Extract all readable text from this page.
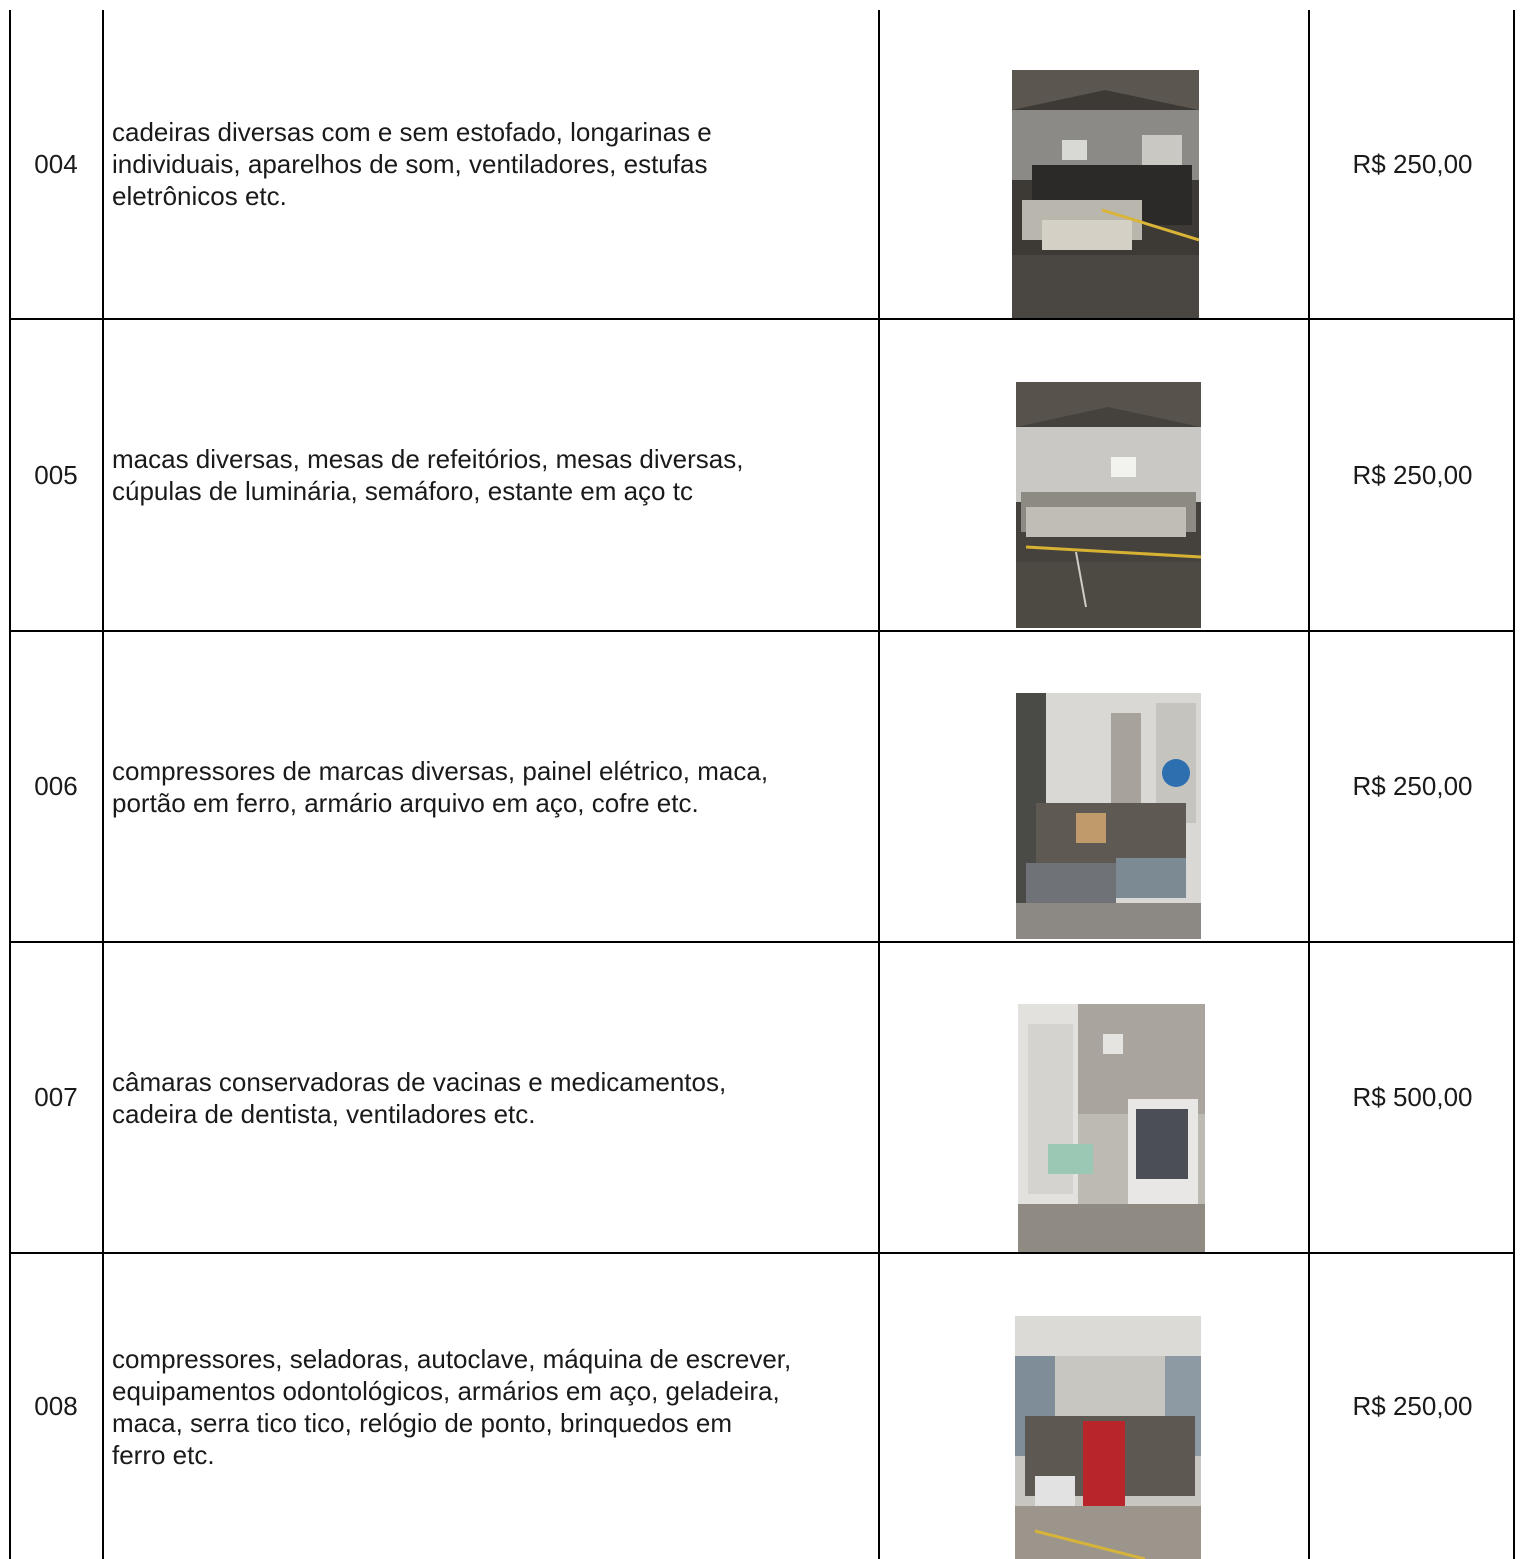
004
cadeiras diversas com e sem estofado, longarinas e
individuais, aparelhos de som, ventiladores, estufas
eletrônicos etc.
R$ 250,00
005
macas diversas, mesas de refeitórios, mesas diversas,
cúpulas de luminária, semáforo, estante em aço tc
R$ 250,00
006
compressores de marcas diversas, painel elétrico, maca,
portão em ferro, armário arquivo em aço, cofre etc.
R$ 250,00
007
câmaras conservadoras de vacinas e medicamentos,
cadeira de dentista, ventiladores etc.
R$ 500,00
008
compressores, seladoras, autoclave, máquina de escrever,
equipamentos odontológicos, armários em aço, geladeira,
maca, serra tico tico, relógio de ponto, brinquedos em
ferro etc.
R$ 250,00
